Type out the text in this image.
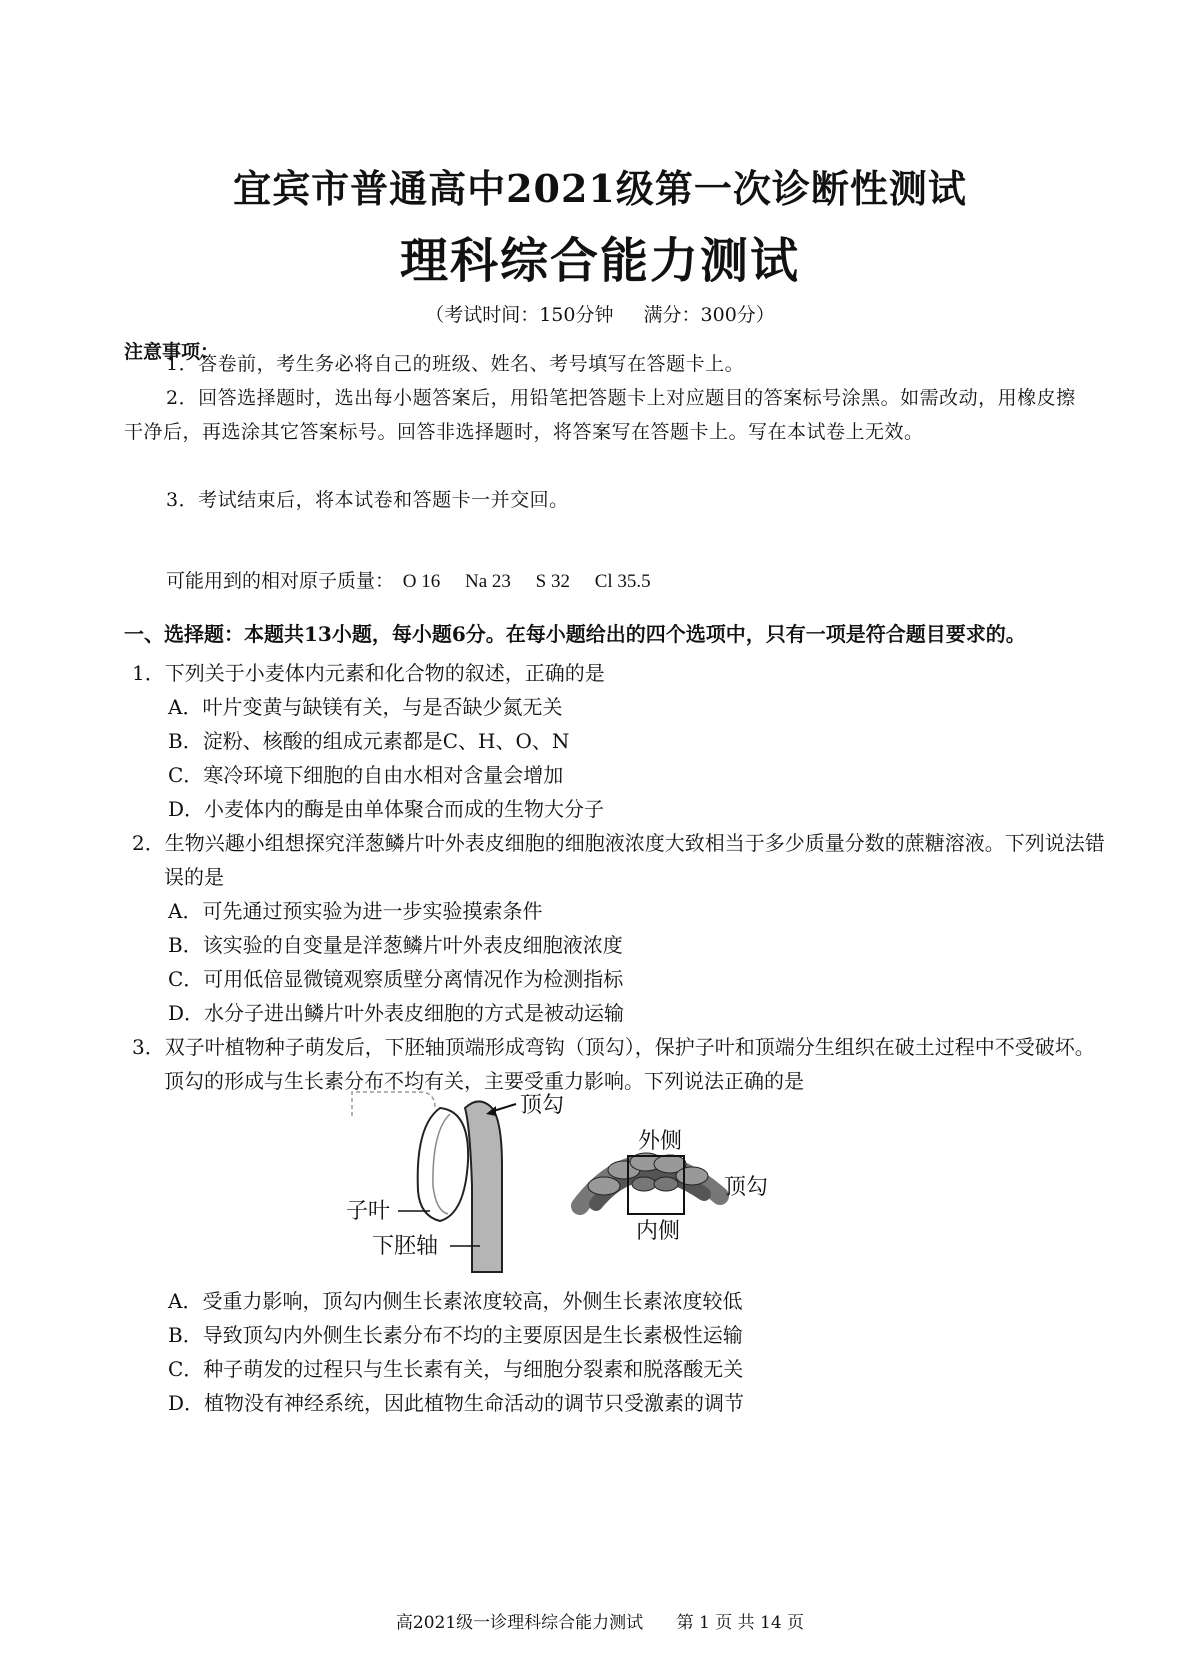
宜宾市普通高中2021级第一次诊断性测试
理科综合能力测试
（考试时间：150分钟 满分：300分）
注意事项：
1．答卷前，考生务必将自己的班级、姓名、考号填写在答题卡上。
2．回答选择题时，选出每小题答案后，用铅笔把答题卡上对应题目的答案标号涂黑。如需改动，用橡皮擦干净后，再选涂其它答案标号。回答非选择题时，将答案写在答题卡上。写在本试卷上无效。
3．考试结束后，将本试卷和答题卡一并交回。
可能用到的相对原子质量： O 16 Na 23 S 32 Cl 35.5
一、选择题：本题共13小题，每小题6分。在每小题给出的四个选项中，只有一项是符合题目要求的。
1．下列关于小麦体内元素和化合物的叙述，正确的是
A．叶片变黄与缺镁有关，与是否缺少氮无关
B．淀粉、核酸的组成元素都是C、H、O、N
C．寒冷环境下细胞的自由水相对含量会增加
D．小麦体内的酶是由单体聚合而成的生物大分子
2．生物兴趣小组想探究洋葱鳞片叶外表皮细胞的细胞液浓度大致相当于多少质量分数的蔗糖溶液。下列说法错误的是
A．可先通过预实验为进一步实验摸索条件
B．该实验的自变量是洋葱鳞片叶外表皮细胞液浓度
C．可用低倍显微镜观察质壁分离情况作为检测指标
D．水分子进出鳞片叶外表皮细胞的方式是被动运输
3．双子叶植物种子萌发后，下胚轴顶端形成弯钩（顶勾），保护子叶和顶端分生组织在破土过程中不受破坏。顶勾的形成与生长素分布不均有关，主要受重力影响。下列说法正确的是
顶勾
子叶
下胚轴
外侧
顶勾
内侧
A．受重力影响，顶勾内侧生长素浓度较高，外侧生长素浓度较低
B．导致顶勾内外侧生长素分布不均的主要原因是生长素极性运输
C．种子萌发的过程只与生长素有关，与细胞分裂素和脱落酸无关
D．植物没有神经系统，因此植物生命活动的调节只受激素的调节
高2021级一诊理科综合能力测试 第 1 页 共 14 页
